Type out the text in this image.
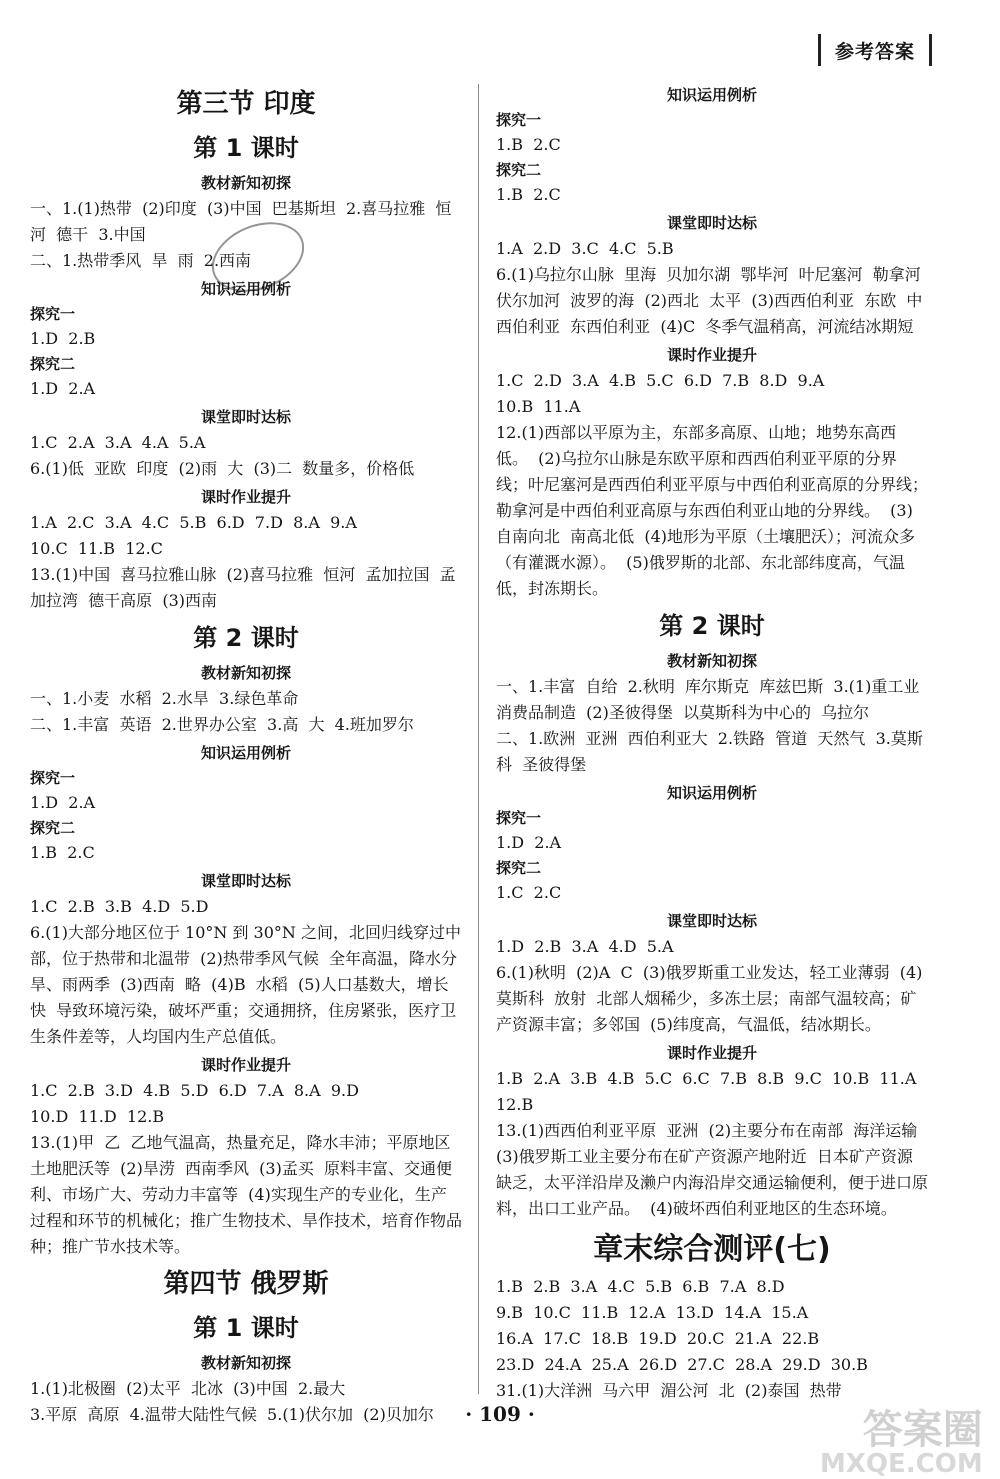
参考答案
第三节 印度
第 1 课时
教材新知初探
一、1.(1)热带  (2)印度  (3)中国  巴基斯坦  2.喜马拉雅  恒河  德干  3.中国
二、1.热带季风  旱  雨  2.西南
知识运用例析
探究一
1.D  2.B
探究二
1.D  2.A
课堂即时达标
1.C  2.A  3.A  4.A  5.A
6.(1)低  亚欧  印度  (2)雨  大  (3)二  数量多，价格低
课时作业提升
1.A  2.C  3.A  4.C  5.B  6.D  7.D  8.A  9.A
10.C  11.B  12.C
13.(1)中国  喜马拉雅山脉  (2)喜马拉雅  恒河  孟加拉国  孟加拉湾  德干高原  (3)西南
第 2 课时
教材新知初探
一、1.小麦  水稻  2.水旱  3.绿色革命
二、1.丰富  英语  2.世界办公室  3.高  大  4.班加罗尔
知识运用例析
探究一
1.D  2.A
探究二
1.B  2.C
课堂即时达标
1.C  2.B  3.B  4.D  5.D
6.(1)大部分地区位于 10°N 到 30°N 之间，北回归线穿过中部，位于热带和北温带  (2)热带季风气候  全年高温，降水分旱、雨两季  (3)西南  略  (4)B  水稻  (5)人口基数大，增长快  导致环境污染，破坏严重；交通拥挤，住房紧张，医疗卫生条件差等，人均国内生产总值低。
课时作业提升
1.C  2.B  3.D  4.B  5.D  6.D  7.A  8.A  9.D
10.D  11.D  12.B
13.(1)甲  乙  乙地气温高，热量充足，降水丰沛；平原地区土地肥沃等  (2)旱涝  西南季风  (3)孟买  原料丰富、交通便利、市场广大、劳动力丰富等  (4)实现生产的专业化，生产过程和环节的机械化；推广生物技术、旱作技术，培育作物品种；推广节水技术等。
第四节 俄罗斯
第 1 课时
教材新知初探
1.(1)北极圈  (2)太平  北冰  (3)中国  2.最大
3.平原  高原  4.温带大陆性气候  5.(1)伏尔加  (2)贝加尔
知识运用例析
探究一
1.B  2.C
探究二
1.B  2.C
课堂即时达标
1.A  2.D  3.C  4.C  5.B
6.(1)乌拉尔山脉  里海  贝加尔湖  鄂毕河  叶尼塞河  勒拿河  伏尔加河  波罗的海  (2)西北  太平  (3)西西伯利亚  东欧  中西伯利亚  东西伯利亚  (4)C  冬季气温稍高，河流结冰期短
课时作业提升
1.C  2.D  3.A  4.B  5.C  6.D  7.B  8.D  9.A
10.B  11.A
12.(1)西部以平原为主，东部多高原、山地；地势东高西低。  (2)乌拉尔山脉是东欧平原和西西伯利亚平原的分界线；叶尼塞河是西西伯利亚平原与中西伯利亚高原的分界线；勒拿河是中西伯利亚高原与东西伯利亚山地的分界线。  (3)自南向北  南高北低  (4)地形为平原（土壤肥沃）；河流众多（有灌溉水源）。  (5)俄罗斯的北部、东北部纬度高，气温低，封冻期长。
第 2 课时
教材新知初探
一、1.丰富  自给  2.秋明  库尔斯克  库兹巴斯  3.(1)重工业  消费品制造  (2)圣彼得堡  以莫斯科为中心的  乌拉尔
二、1.欧洲  亚洲  西伯利亚大  2.铁路  管道  天然气  3.莫斯科  圣彼得堡
知识运用例析
探究一
1.D  2.A
探究二
1.C  2.C
课堂即时达标
1.D  2.B  3.A  4.D  5.A
6.(1)秋明  (2)A  C  (3)俄罗斯重工业发达，轻工业薄弱  (4)莫斯科  放射  北部人烟稀少，多冻土层；南部气温较高；矿产资源丰富；多邻国  (5)纬度高，气温低，结冰期长。
课时作业提升
1.B  2.A  3.B  4.B  5.C  6.C  7.B  8.B  9.C  10.B  11.A  12.B
13.(1)西西伯利亚平原  亚洲  (2)主要分布在南部  海洋运输  (3)俄罗斯工业主要分布在矿产资源产地附近  日本矿产资源缺乏，太平洋沿岸及濑户内海沿岸交通运输便利，便于进口原料，出口工业产品。  (4)破坏西伯利亚地区的生态环境。
章末综合测评(七)
1.B  2.B  3.A  4.C  5.B  6.B  7.A  8.D
9.B  10.C  11.B  12.A  13.D  14.A  15.A
16.A  17.C  18.B  19.D  20.C  21.A  22.B
23.D  24.A  25.A  26.D  27.C  28.A  29.D  30.B
31.(1)大洋洲  马六甲  湄公河  北  (2)泰国  热带
· 109 ·	答案圈
MXQE.COM
